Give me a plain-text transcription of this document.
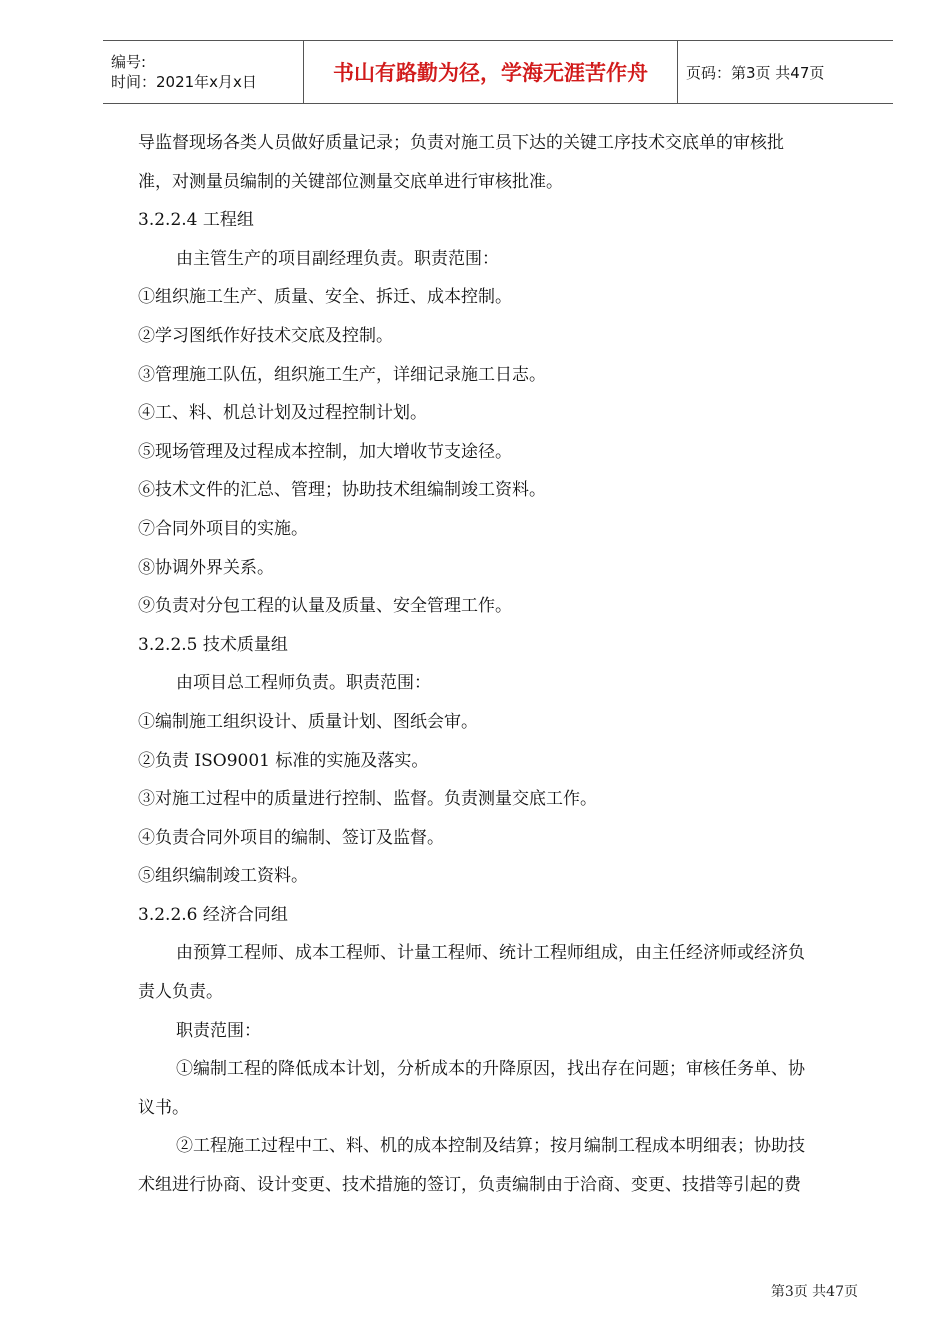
编号:
时间：2021年x月x日	书山有路勤为径，学海无涯苦作舟	页码：第3页 共47页
导监督现场各类人员做好质量记录；负责对施工员下达的关键工序技术交底单的审核批
准，对测量员编制的关键部位测量交底单进行审核批准。
3.2.2.4 工程组
由主管生产的项目副经理负责。职责范围：
①组织施工生产、质量、安全、拆迁、成本控制。
②学习图纸作好技术交底及控制。
③管理施工队伍，组织施工生产，详细记录施工日志。
④工、料、机总计划及过程控制计划。
⑤现场管理及过程成本控制，加大增收节支途径。
⑥技术文件的汇总、管理；协助技术组编制竣工资料。
⑦合同外项目的实施。
⑧协调外界关系。
⑨负责对分包工程的认量及质量、安全管理工作。
3.2.2.5 技术质量组
由项目总工程师负责。职责范围：
①编制施工组织设计、质量计划、图纸会审。
②负责 ISO9001 标准的实施及落实。
③对施工过程中的质量进行控制、监督。负责测量交底工作。
④负责合同外项目的编制、签订及监督。
⑤组织编制竣工资料。
3.2.2.6 经济合同组
由预算工程师、成本工程师、计量工程师、统计工程师组成，由主任经济师或经济负
责人负责。
职责范围：
①编制工程的降低成本计划，分析成本的升降原因，找出存在问题；审核任务单、协
议书。
②工程施工过程中工、料、机的成本控制及结算；按月编制工程成本明细表；协助技
术组进行协商、设计变更、技术措施的签订，负责编制由于洽商、变更、技措等引起的费
第3页 共47页
